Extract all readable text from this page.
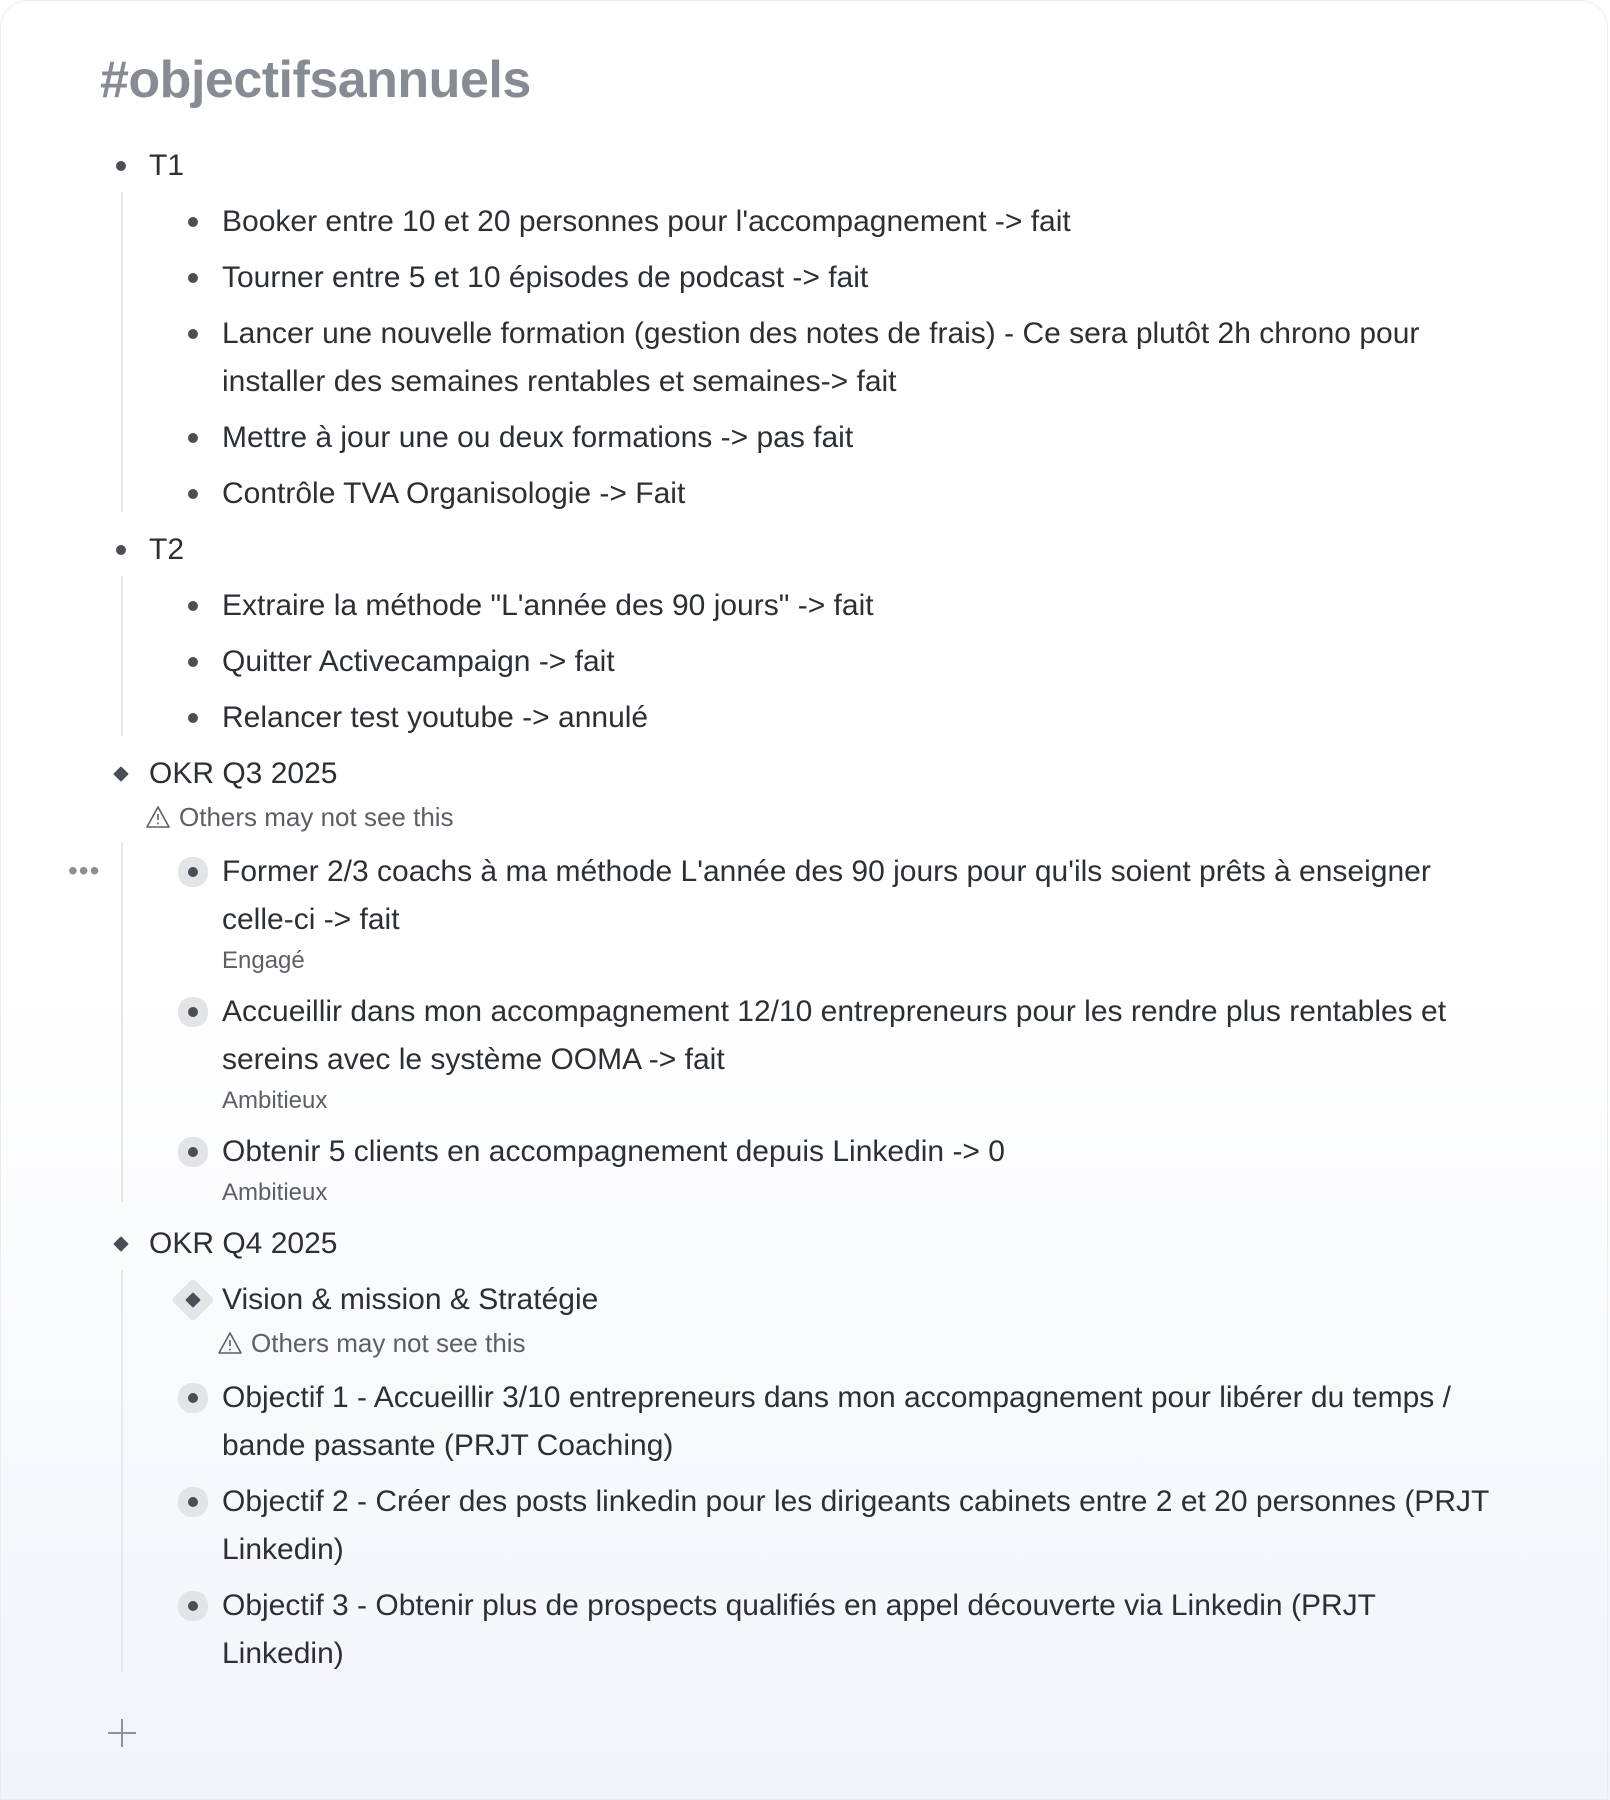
#objectifsannuels
T1
Booker entre 10 et 20 personnes pour l'accompagnement -> fait
Tourner entre 5 et 10 épisodes de podcast -> fait
Lancer une nouvelle formation (gestion des notes de frais) - Ce sera plutôt 2h chrono pour installer des semaines rentables et semaines-> fait
Mettre à jour une ou deux formations -> pas fait
Contrôle TVA Organisologie -> Fait
T2
Extraire la méthode "L'année des 90 jours" -> fait
Quitter Activecampaign -> fait
Relancer test youtube -> annulé
OKR Q3 2025
Others may not see this
•••	Former 2/3 coachs à ma méthode L'année des 90 jours pour qu'ils soient prêts à enseigner celle-ci -> fait
Engagé
Accueillir dans mon accompagnement 12/10 entrepreneurs pour les rendre plus rentables et sereins avec le système OOMA -> fait
Ambitieux
Obtenir 5 clients en accompagnement depuis Linkedin -> 0
Ambitieux
OKR Q4 2025
Vision & mission & Stratégie
Others may not see this
Objectif 1 - Accueillir 3/10 entrepreneurs dans mon accompagnement pour libérer du temps / bande passante (PRJT Coaching)
Objectif 2 - Créer des posts linkedin pour les dirigeants cabinets entre 2 et 20 personnes (PRJT Linkedin)
Objectif 3 - Obtenir plus de prospects qualifiés en appel découverte via Linkedin (PRJT Linkedin)
